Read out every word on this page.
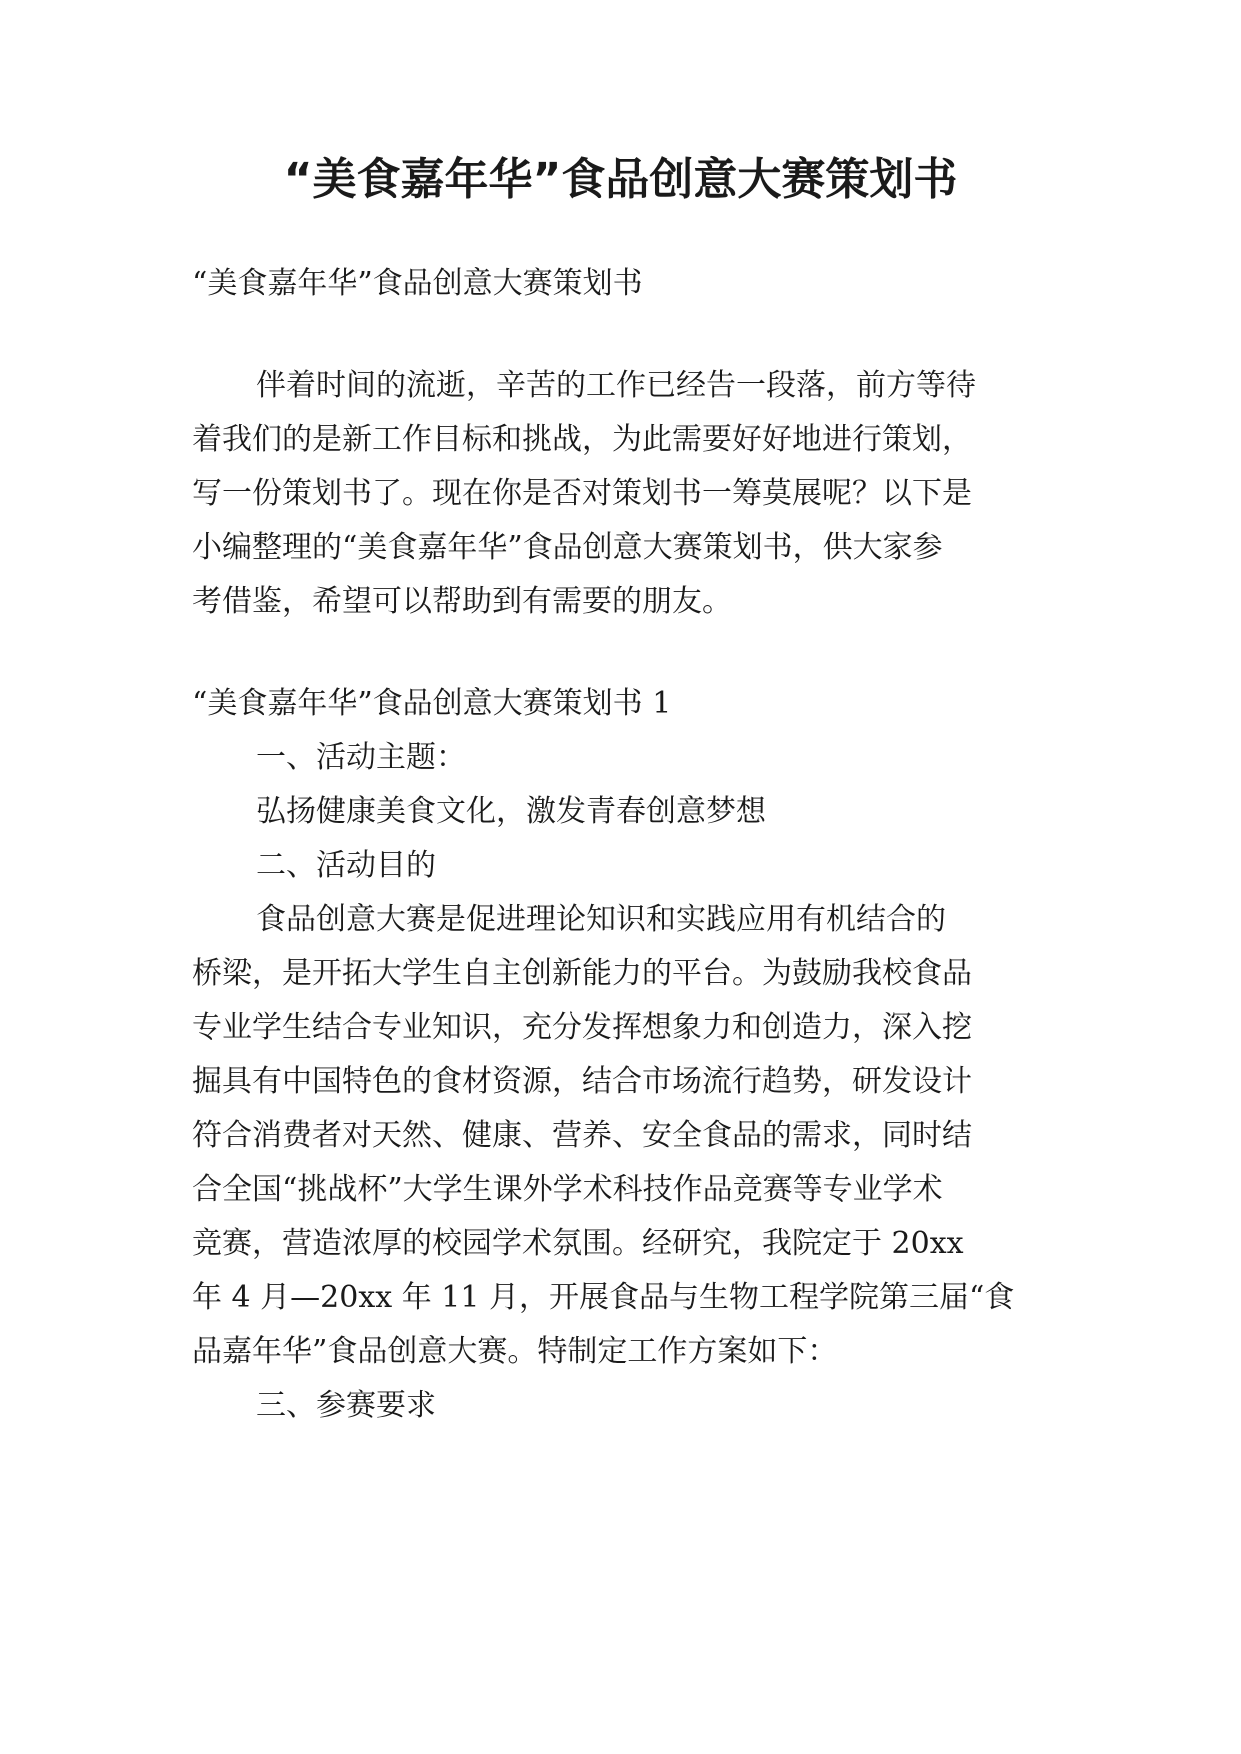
“美食嘉年华”食品创意大赛策划书

“美食嘉年华”食品创意大赛策划书

伴着时间的流逝，辛苦的工作已经告一段落，前方等待

着我们的是新工作目标和挑战，为此需要好好地进行策划，

写一份策划书了。现在你是否对策划书一筹莫展呢？以下是

小编整理的“美食嘉年华”食品创意大赛策划书，供大家参

考借鉴，希望可以帮助到有需要的朋友。

“美食嘉年华”食品创意大赛策划书 1

一、活动主题：

弘扬健康美食文化，激发青春创意梦想

二、活动目的

食品创意大赛是促进理论知识和实践应用有机结合的

桥梁，是开拓大学生自主创新能力的平台。为鼓励我校食品

专业学生结合专业知识，充分发挥想象力和创造力，深入挖

掘具有中国特色的食材资源，结合市场流行趋势，研发设计

符合消费者对天然、健康、营养、安全食品的需求，同时结

合全国“挑战杯”大学生课外学术科技作品竞赛等专业学术

竞赛，营造浓厚的校园学术氛围。经研究，我院定于 20xx

年 4 月—20xx 年 11 月，开展食品与生物工程学院第三届“食

品嘉年华”食品创意大赛。特制定工作方案如下：

三、参赛要求
